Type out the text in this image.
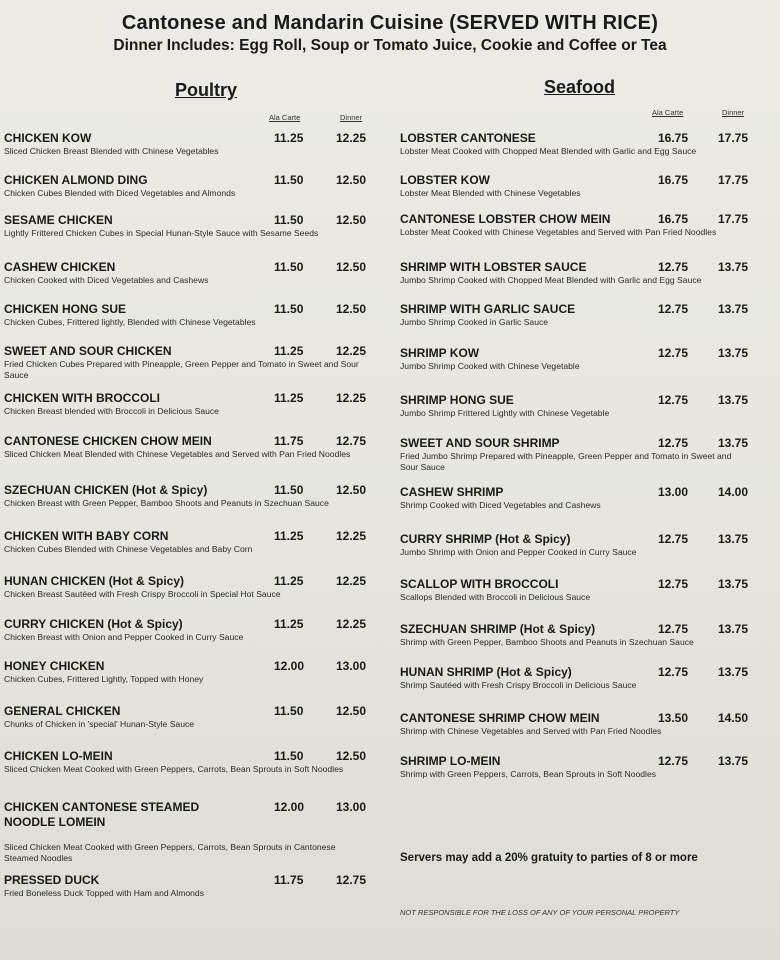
Cantonese and Mandarin Cuisine (SERVED WITH RICE)
Dinner Includes: Egg Roll, Soup or Tomato Juice, Cookie and Coffee or Tea
Poultry
Ala Carte	Dinner
CHICKEN KOW	11.25	12.25
Sliced Chicken Breast Blended with Chinese Vegetables
CHICKEN ALMOND DING	11.50	12.50
Chicken Cubes Blended with Diced Vegetables and Almonds
SESAME CHICKEN	11.50	12.50
Lightly Frittered Chicken Cubes in Special Hunan-Style Sauce with Sesame Seeds
CASHEW CHICKEN	11.50	12.50
Chicken Cooked with Diced Vegetables and Cashews
CHICKEN HONG SUE	11.50	12.50
Chicken Cubes, Frittered lightly, Blended with Chinese Vegetables
SWEET AND SOUR CHICKEN	11.25	12.25
Fried Chicken Cubes Prepared with Pineapple, Green Pepper and Tomato in Sweet and Sour Sauce
CHICKEN WITH BROCCOLI	11.25	12.25
Chicken Breast blended with Broccoli in Delicious Sauce
CANTONESE CHICKEN CHOW MEIN	11.75	12.75
Sliced Chicken Meat Blended with Chinese Vegetables and Served with Pan Fried Noodles
SZECHUAN CHICKEN (Hot & Spicy)	11.50	12.50
Chicken Breast with Green Pepper, Bamboo Shoots and Peanuts in Szechuan Sauce
CHICKEN WITH BABY CORN	11.25	12.25
Chicken Cubes Blended with Chinese Vegetables and Baby Corn
HUNAN CHICKEN (Hot & Spicy)	11.25	12.25
Chicken Breast Sautéed with Fresh Crispy Broccoli in Special Hot Sauce
CURRY CHICKEN (Hot & Spicy)	11.25	12.25
Chicken Breast with Onion and Pepper Cooked in Curry Sauce
HONEY CHICKEN	12.00	13.00
Chicken Cubes, Frittered Lightly, Topped with Honey
GENERAL CHICKEN	11.50	12.50
Chunks of Chicken in 'special' Hunan-Style Sauce
CHICKEN LO-MEIN	11.50	12.50
Sliced Chicken Meat Cooked with Green Peppers, Carrots, Bean Sprouts in Soft Noodles
CHICKEN CANTONESE STEAMED
NOODLE LOMEIN
12.00	13.00
Sliced Chicken Meat Cooked with Green Peppers, Carrots, Bean Sprouts in Cantonese Steamed Noodles
PRESSED DUCK	11.75	12.75
Fried Boneless Duck Topped with Ham and Almonds
Seafood
Ala Carte	Dinner
LOBSTER CANTONESE	16.75 17.75
Lobster Meat Cooked with Chopped Meat Blended with Garlic and Egg Sauce
LOBSTER KOW	16.75 17.75
Lobster Meat Blended with Chinese Vegetables
CANTONESE LOBSTER CHOW MEIN	16.75 17.75
Lobster Meat Cooked with Chinese Vegetables and Served with Pan Fried Noodles
SHRIMP WITH LOBSTER SAUCE	12.75 13.75
Jumbo Shrimp Cooked with Chopped Meat Blended with Garlic and Egg Sauce
SHRIMP WITH GARLIC SAUCE	12.75 13.75
Jumbo Shrimp Cooked in Garlic Sauce
SHRIMP KOW	12.75 13.75
Jumbo Shrimp Cooked with Chinese Vegetable
SHRIMP HONG SUE	12.75 13.75
Jumbo Shrimp Frittered Lightly with Chinese Vegetable
SWEET AND SOUR SHRIMP	12.75 13.75
Fried Jumbo Shrimp Prepared with Pineapple, Green Pepper and Tomato in Sweet and Sour Sauce
CASHEW SHRIMP	13.00 14.00
Shrimp Cooked with Diced Vegetables and Cashews
CURRY SHRIMP (Hot & Spicy)	12.75 13.75
Jumbo Shrimp with Onion and Pepper Cooked in Curry Sauce
SCALLOP WITH BROCCOLI	12.75 13.75
Scallops Blended with Broccoli in Delicious Sauce
SZECHUAN SHRIMP (Hot & Spicy)	12.75 13.75
Shrimp with Green Pepper, Bamboo Shoots and Peanuts in Szechuan Sauce
HUNAN SHRIMP (Hot & Spicy)	12.75 13.75
Shrimp Sautéed with Fresh Crispy Broccoli in Delicious Sauce
CANTONESE SHRIMP CHOW MEIN	13.50 14.50
Shrimp with Chinese Vegetables and Served with Pan Fried Noodles
SHRIMP LO-MEIN	12.75 13.75
Shrimp with Green Peppers, Carrots, Bean Sprouts in Soft Noodles
Servers may add a 20% gratuity to parties of 8 or more
NOT RESPONSIBLE FOR THE LOSS OF ANY OF YOUR PERSONAL PROPERTY
